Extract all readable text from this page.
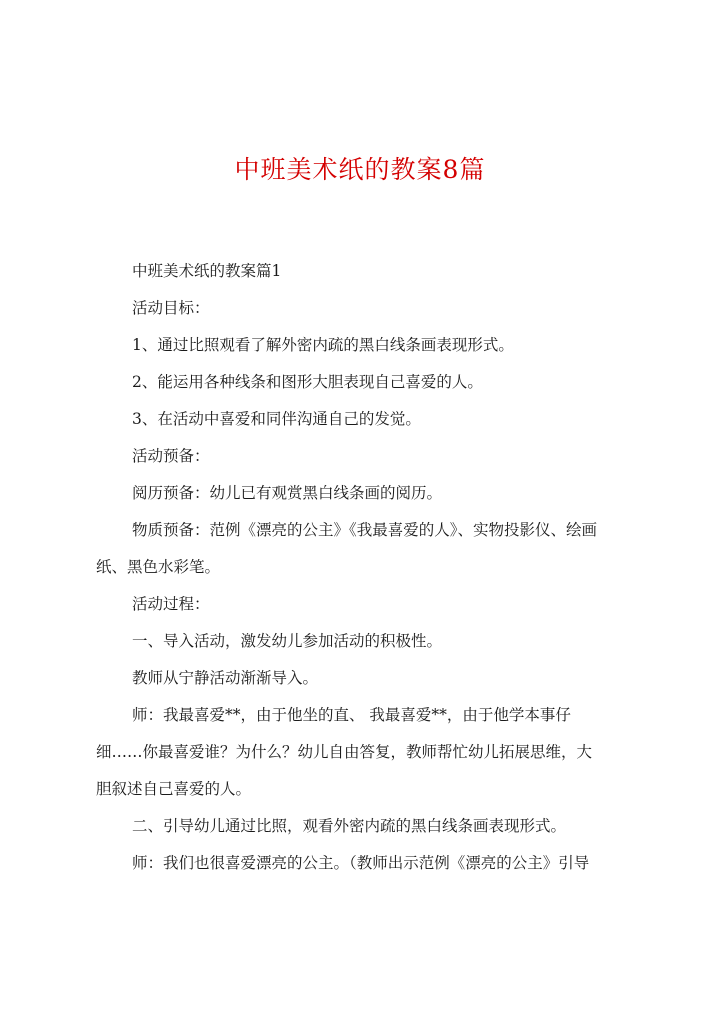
中班美术纸的教案8篇

中班美术纸的教案篇1

活动目标：

1、通过比照观看了解外密内疏的黑白线条画表现形式。

2、能运用各种线条和图形大胆表现自己喜爱的人。

3、在活动中喜爱和同伴沟通自己的发觉。

活动预备：

阅历预备：幼儿已有观赏黑白线条画的阅历。

物质预备：范例《漂亮的公主》《我最喜爱的人》、实物投影仪、绘画

纸、黑色水彩笔。

活动过程：

一、导入活动，激发幼儿参加活动的积极性。

教师从宁静活动渐渐导入。

师：我最喜爱**，由于他坐的直、 我最喜爱**，由于他学本事仔

细……你最喜爱谁？为什么？幼儿自由答复，教师帮忙幼儿拓展思维，大

胆叙述自己喜爱的人。

二、引导幼儿通过比照，观看外密内疏的黑白线条画表现形式。

师：我们也很喜爱漂亮的公主。（教师出示范例《漂亮的公主》引导
